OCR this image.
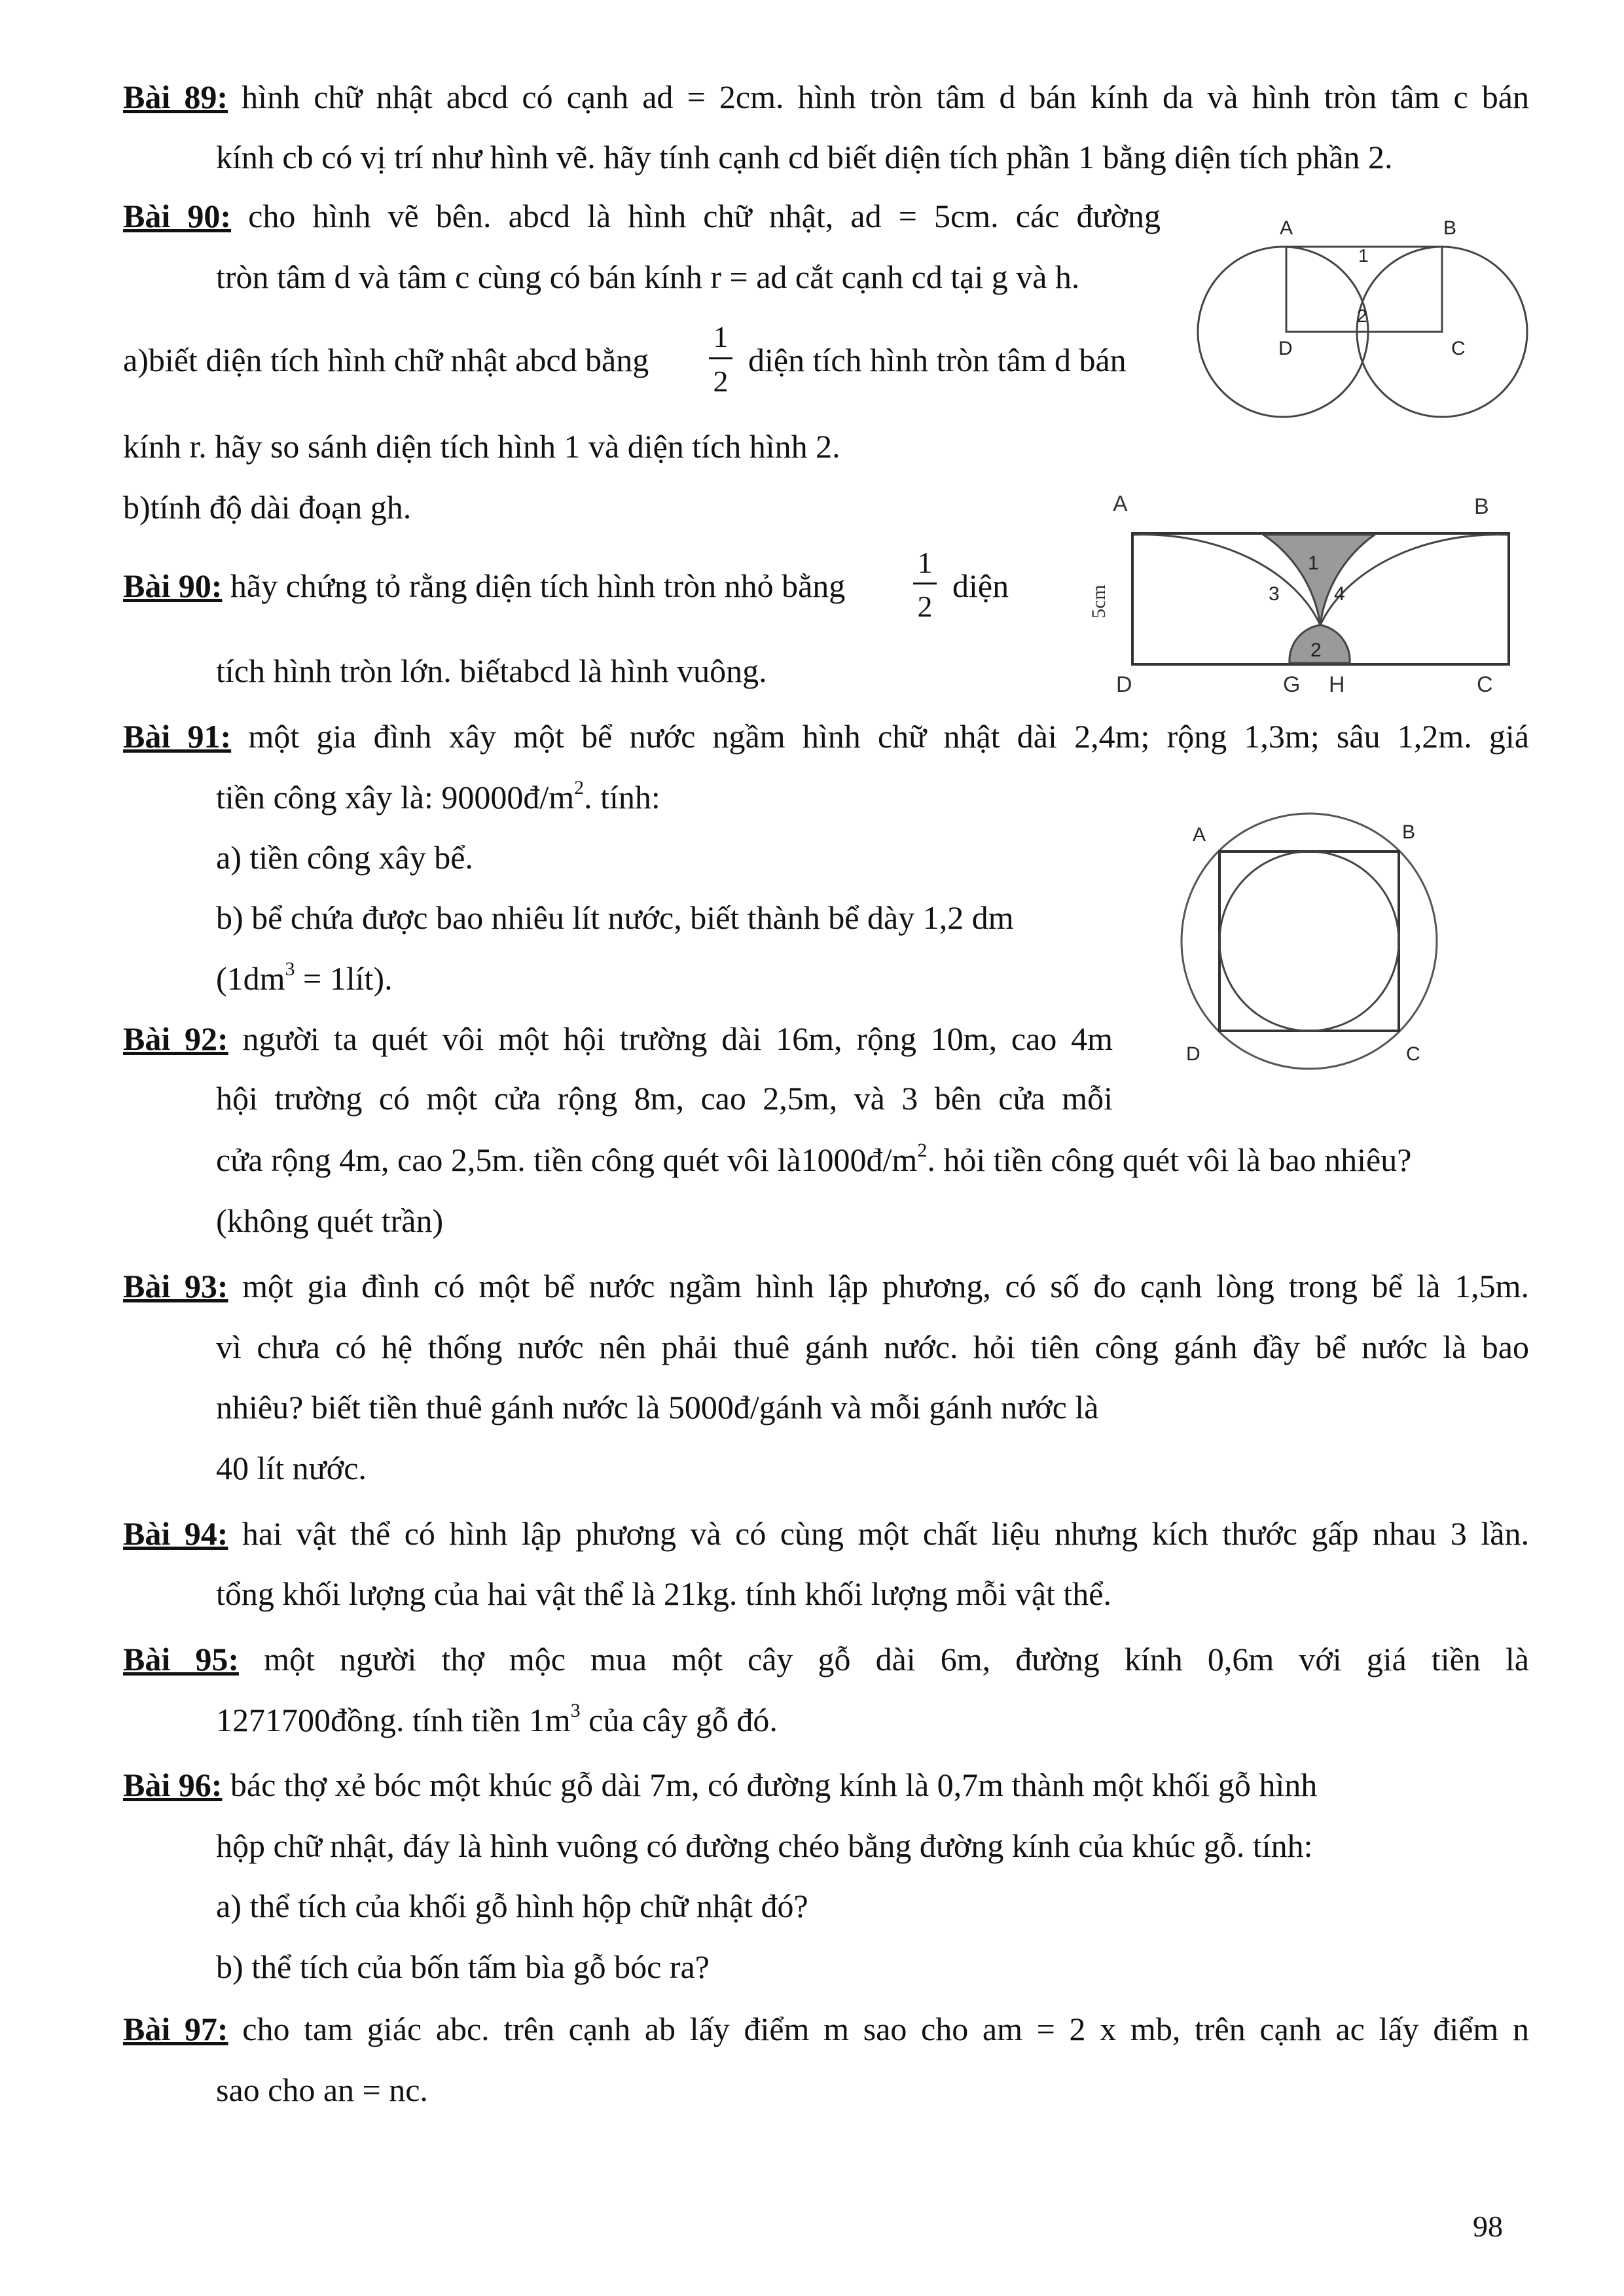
Bài 89: hình chữ nhật abcd có cạnh ad = 2cm. hình tròn tâm d bán kính da và hình tròn tâm c bán
kính cb có vị trí như hình vẽ. hãy tính cạnh cd biết diện tích phần 1 bằng diện tích phần 2.
Bài 90: cho hình vẽ bên. abcd là hình chữ nhật, ad = 5cm. các đường
tròn tâm d và tâm c cùng có bán kính r = ad cắt cạnh cd tại g và h.
a)biết diện tích hình chữ nhật abcd bằng
1
2
diện tích hình tròn tâm d bán
kính r. hãy so sánh diện tích hình 1 và diện tích hình 2.
b)tính độ dài đoạn gh.
A	B
D	C
1
2
Bài 90: hãy chứng tỏ rằng diện tích hình tròn nhỏ bằng
1
2
diện
tích hình tròn lớn. biếtabcd là hình vuông.
A	B
D	G H	C
1
2
3	4
5cm
Bài 91: một gia đình xây một bể nước ngầm hình chữ nhật dài 2,4m; rộng 1,3m; sâu 1,2m. giá
tiền công xây là: $90000đ/m^2$. tính:
a) tiền công xây bể.
b) bể chứa được bao nhiêu lít nước, biết thành bể dày 1,2 dm
($1dm^3$ = 1lít).
A	B
D	C
Bài 92: người ta quét vôi một hội trường dài 16m, rộng 10m, cao 4m
hội trường có một cửa rộng 8m, cao 2,5m, và 3 bên cửa mỗi
cửa rộng 4m, cao 2,5m. tiền công quét vôi $là1000đ/m^2$. hỏi tiền công quét vôi là bao nhiêu?
(không quét trần)
Bài 93: một gia đình có một bể nước ngầm hình lập phương, có số đo cạnh lòng trong bể là 1,5m.
vì chưa có hệ thống nước nên phải thuê gánh nước. hỏi tiên công gánh đầy bể nước là bao
nhiêu? biết tiền thuê gánh nước là 5000đ/gánh và mỗi gánh nước là
40 lít nước.
Bài 94: hai vật thể có hình lập phương và có cùng một chất liệu nhưng kích thước gấp nhau 3 lần.
tổng khối lượng của hai vật thể là 21kg. tính khối lượng mỗi vật thể.
Bài 95: một người thợ mộc mua một cây gỗ dài 6m, đường kính 0,6m với giá tiền là
1271700đồng. tính tiền $1m^3$ của cây gỗ đó.
Bài 96: bác thợ xẻ bóc một khúc gỗ dài 7m, có đường kính là 0,7m thành một khối gỗ hình
hộp chữ nhật, đáy là hình vuông có đường chéo bằng đường kính của khúc gỗ. tính:
a) thể tích của khối gỗ hình hộp chữ nhật đó?
b) thể tích của bốn tấm bìa gỗ bóc ra?
Bài 97: cho tam giác abc. trên cạnh ab lấy điểm m sao cho am = 2 x mb, trên cạnh ac lấy điểm n
sao cho an = nc.
98
